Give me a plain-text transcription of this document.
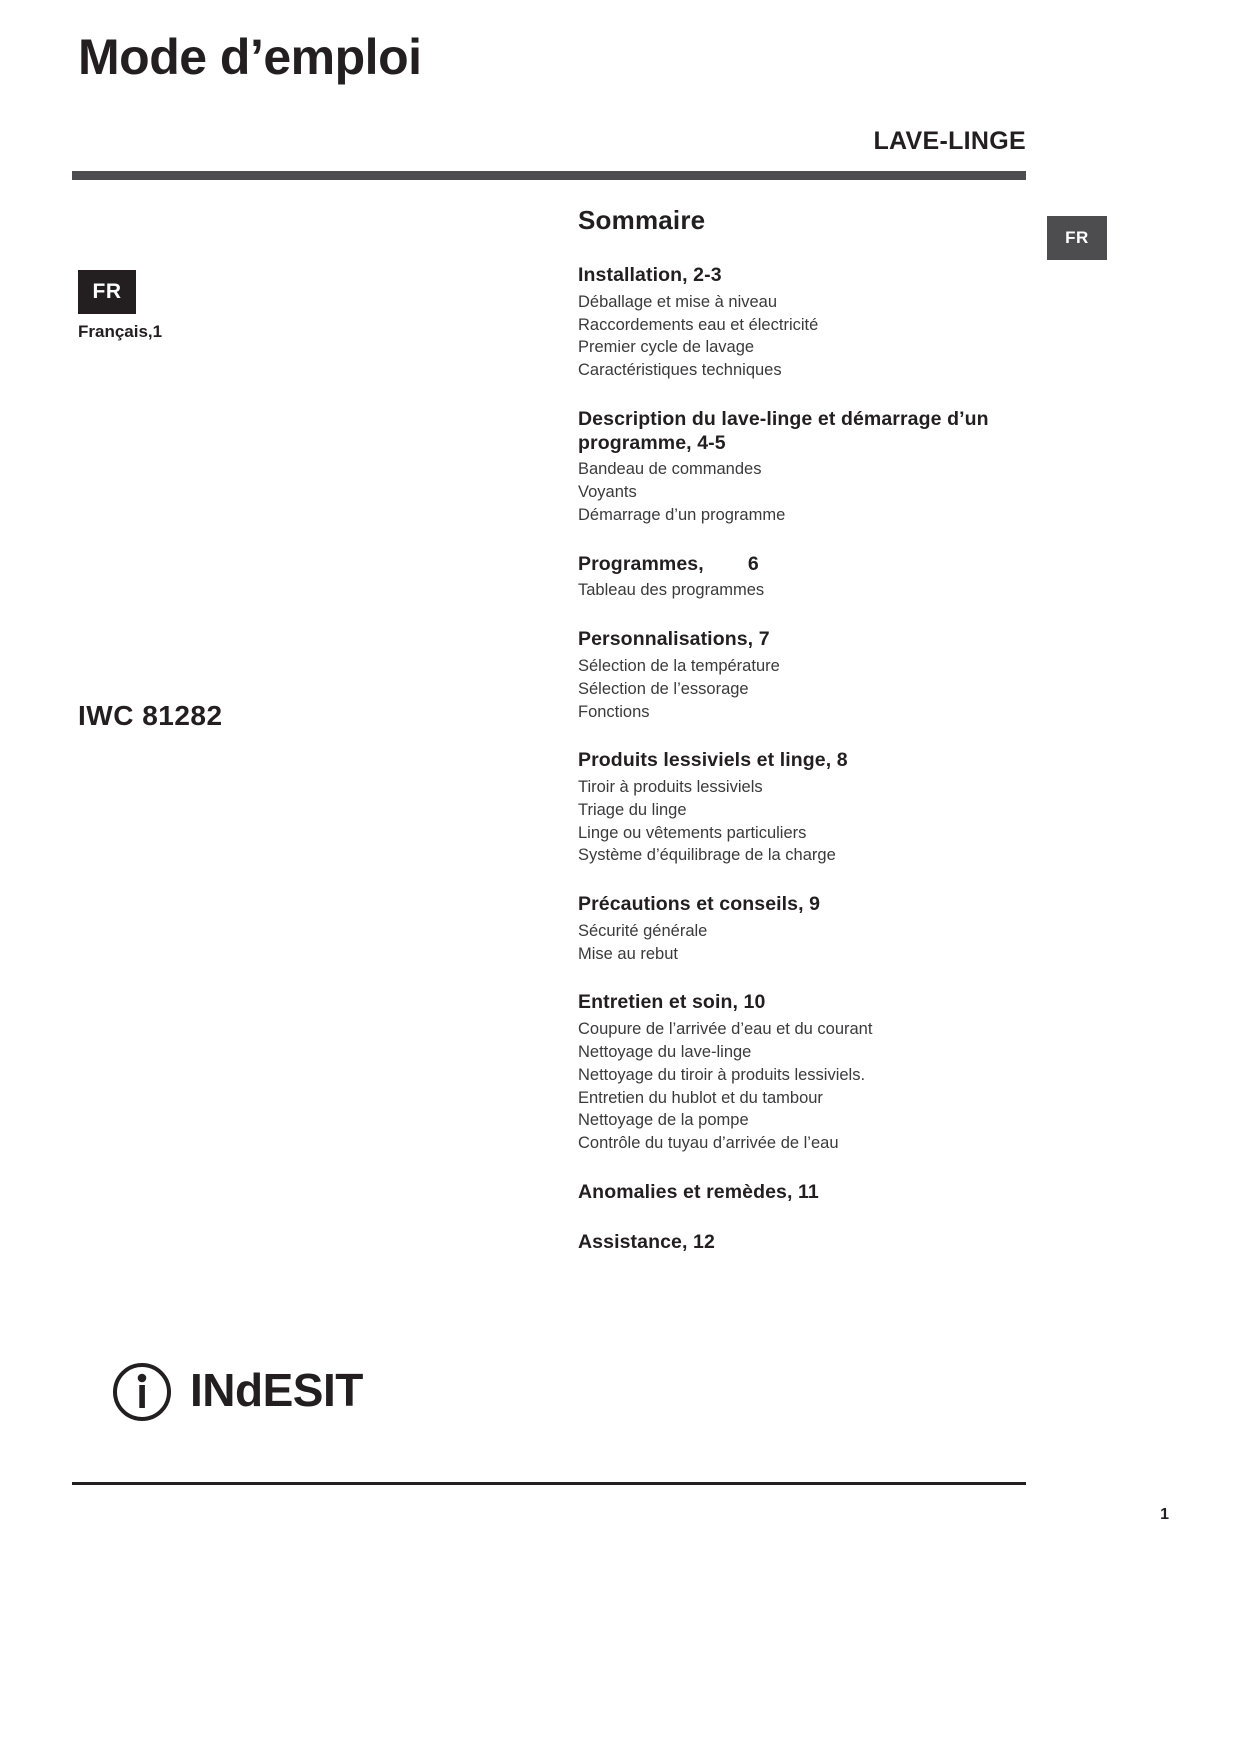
Mode d’emploi
LAVE-LINGE
FR
FR
Français,1
IWC 81282
IN d ESIT
Sommaire
Installation, 2-3
Déballage et mise à niveau
Raccordements eau et électricité
Premier cycle de lavage
Caractéristiques techniques
Description du lave-linge et démarrage d’un programme, 4-5
Bandeau de commandes
Voyants
Démarrage d’un programme
Programmes,        6
Tableau des programmes
Personnalisations, 7
Sélection de la température
Sélection de l’essorage
Fonctions
Produits lessiviels et linge, 8
Tiroir à produits lessiviels
Triage du linge
Linge ou vêtements particuliers
Système d’équilibrage de la charge
Précautions et conseils, 9
Sécurité générale
Mise au rebut
Entretien et soin, 10
Coupure de l’arrivée d’eau et du courant
Nettoyage du lave-linge
Nettoyage du tiroir à produits lessiviels.
Entretien du hublot et du tambour
Nettoyage de la pompe
Contrôle du tuyau d’arrivée de l’eau
Anomalies et remèdes, 11
Assistance, 12
1
